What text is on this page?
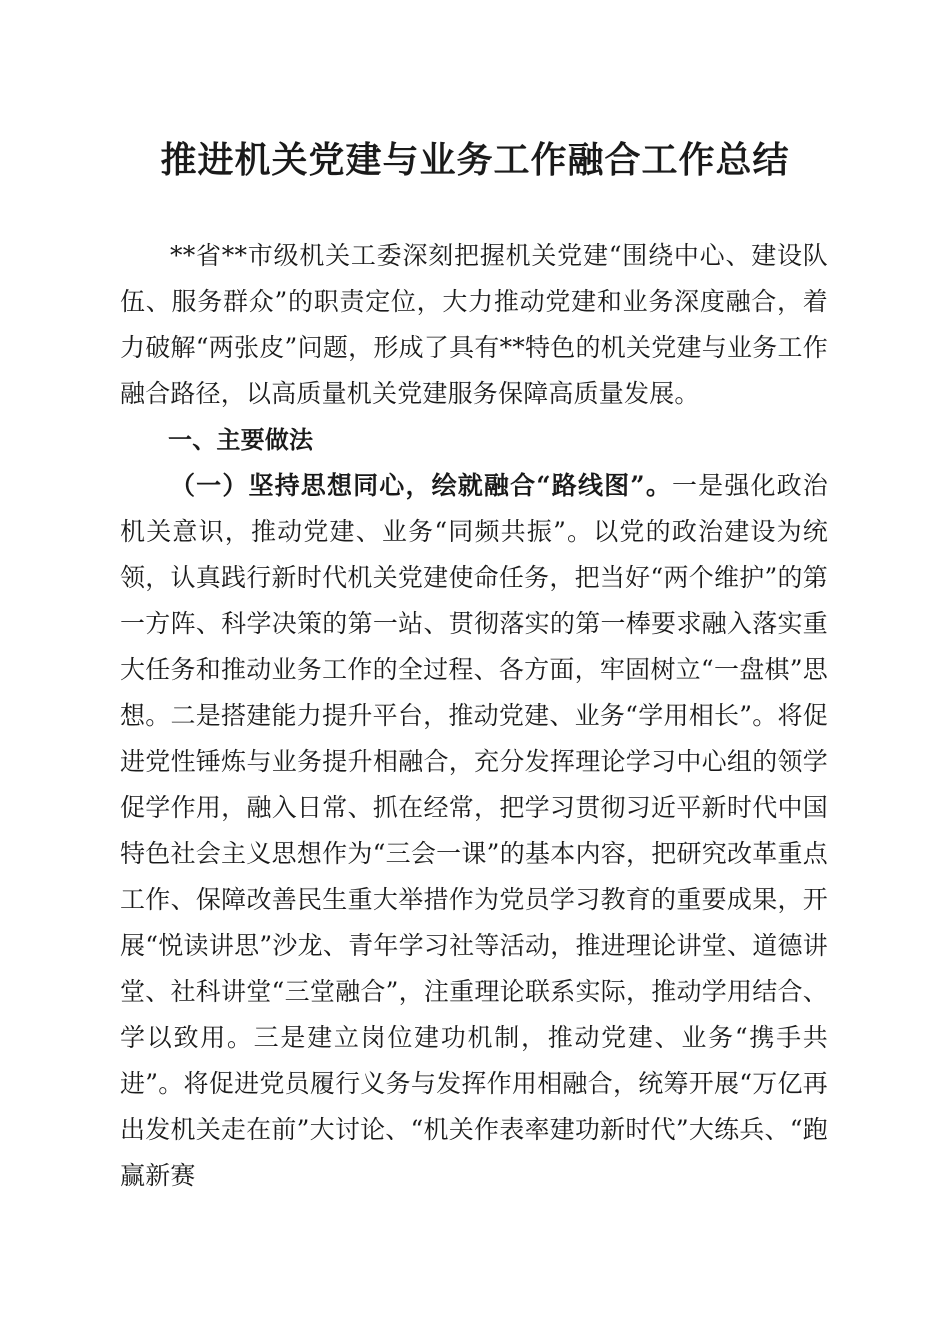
推进机关党建与业务工作融合工作总结

**省**市级机关工委深刻把握机关党建“围绕中心、建设队伍、服务群众”的职责定位，大力推动党建和业务深度融合，着力破解“两张皮”问题，形成了具有**特色的机关党建与业务工作融合路径，以高质量机关党建服务保障高质量发展。

一、主要做法

（一）坚持思想同心，绘就融合“路线图”。一是强化政治机关意识，推动党建、业务“同频共振”。以党的政治建设为统领，认真践行新时代机关党建使命任务，把当好“两个维护”的第一方阵、科学决策的第一站、贯彻落实的第一棒要求融入落实重大任务和推动业务工作的全过程、各方面，牢固树立“一盘棋”思想。二是搭建能力提升平台，推动党建、业务“学用相长”。将促进党性锤炼与业务提升相融合，充分发挥理论学习中心组的领学促学作用，融入日常、抓在经常，把学习贯彻习近平新时代中国特色社会主义思想作为“三会一课”的基本内容，把研究改革重点工作、保障改善民生重大举措作为党员学习教育的重要成果，开展“悦读讲思”沙龙、青年学习社等活动，推进理论讲堂、道德讲堂、社科讲堂“三堂融合”，注重理论联系实际，推动学用结合、学以致用。三是建立岗位建功机制，推动党建、业务“携手共进”。将促进党员履行义务与发挥作用相融合，统筹开展“万亿再出发机关走在前”大讨论、“机关作表率建功新时代”大练兵、“跑赢新赛
